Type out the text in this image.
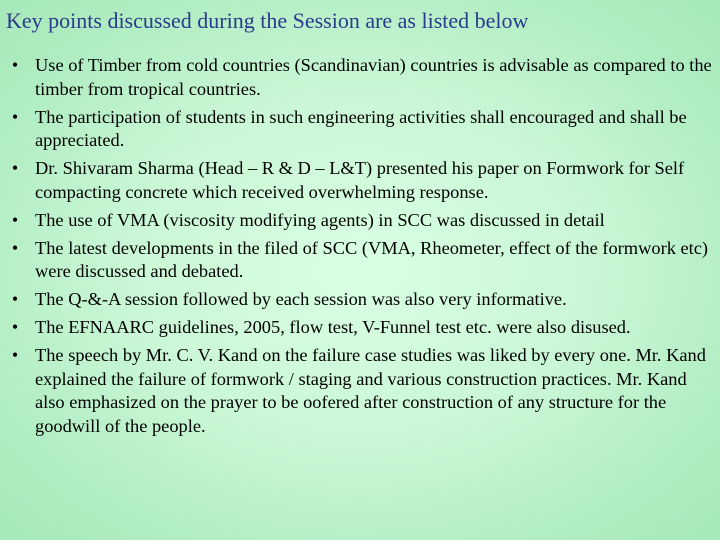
Key points discussed during the Session are as listed below
• Use of Timber from cold countries (Scandinavian) countries is advisable as compared to the timber from tropical countries.
• The participation of students in such engineering activities shall encouraged and shall be appreciated.
• Dr. Shivaram Sharma (Head – R & D – L&T) presented his paper on Formwork for Self compacting concrete which received overwhelming response.
• The use of VMA (viscosity modifying agents) in SCC was discussed in detail
• The latest developments in the filed of SCC (VMA, Rheometer, effect of the formwork etc) were discussed and debated.
• The Q-&-A session followed by each session was also very informative.
• The EFNAARC guidelines, 2005, flow test, V-Funnel test etc. were also disused.
• The speech by Mr. C. V. Kand on the failure case studies was liked by every one. Mr. Kand explained the failure of formwork / staging and various construction practices. Mr. Kand also emphasized on the prayer to be oofered after construction of any structure for the goodwill of the people.
